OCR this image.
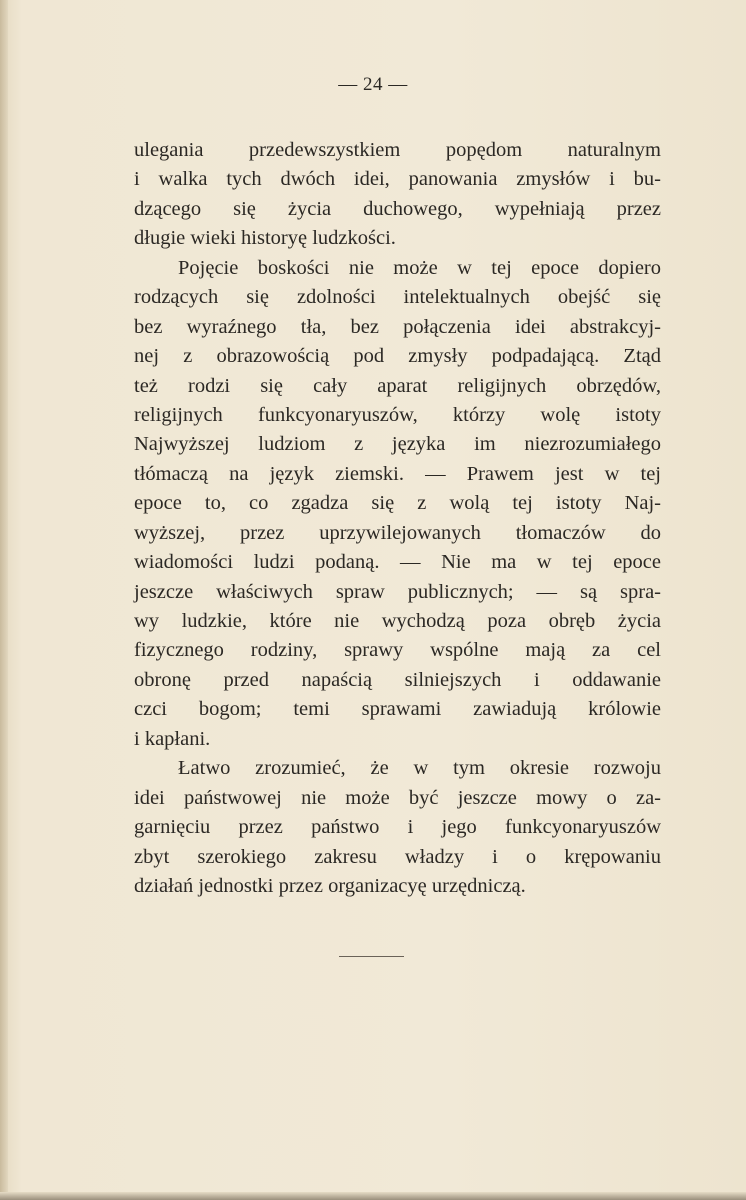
— 24 —
ulegania przedewszystkiem popędom naturalnym
i walka tych dwóch idei, panowania zmysłów i bu-
dzącego się życia duchowego, wypełniają przez
długie wieki historyę ludzkości.
Pojęcie boskości nie może w tej epoce dopiero
rodzących się zdolności intelektualnych obejść się
bez wyraźnego tła, bez połączenia idei abstrakcyj-
nej z obrazowością pod zmysły podpadającą. Ztąd
też rodzi się cały aparat religijnych obrzędów,
religijnych funkcyonaryuszów, którzy wolę istoty
Najwyższej ludziom z języka im niezrozumiałego
tłómaczą na język ziemski. — Prawem jest w tej
epoce to, co zgadza się z wolą tej istoty Naj-
wyższej, przez uprzywilejowanych tłomaczów do
wiadomości ludzi podaną. — Nie ma w tej epoce
jeszcze właściwych spraw publicznych; — są spra-
wy ludzkie, które nie wychodzą poza obręb życia
fizycznego rodziny, sprawy wspólne mają za cel
obronę przed napaścią silniejszych i oddawanie
czci bogom; temi sprawami zawiadują królowie
i kapłani.
Łatwo zrozumieć, że w tym okresie rozwoju
idei państwowej nie może być jeszcze mowy o za-
garnięciu przez państwo i jego funkcyonaryuszów
zbyt szerokiego zakresu władzy i o krępowaniu
działań jednostki przez organizacyę urzędniczą.
